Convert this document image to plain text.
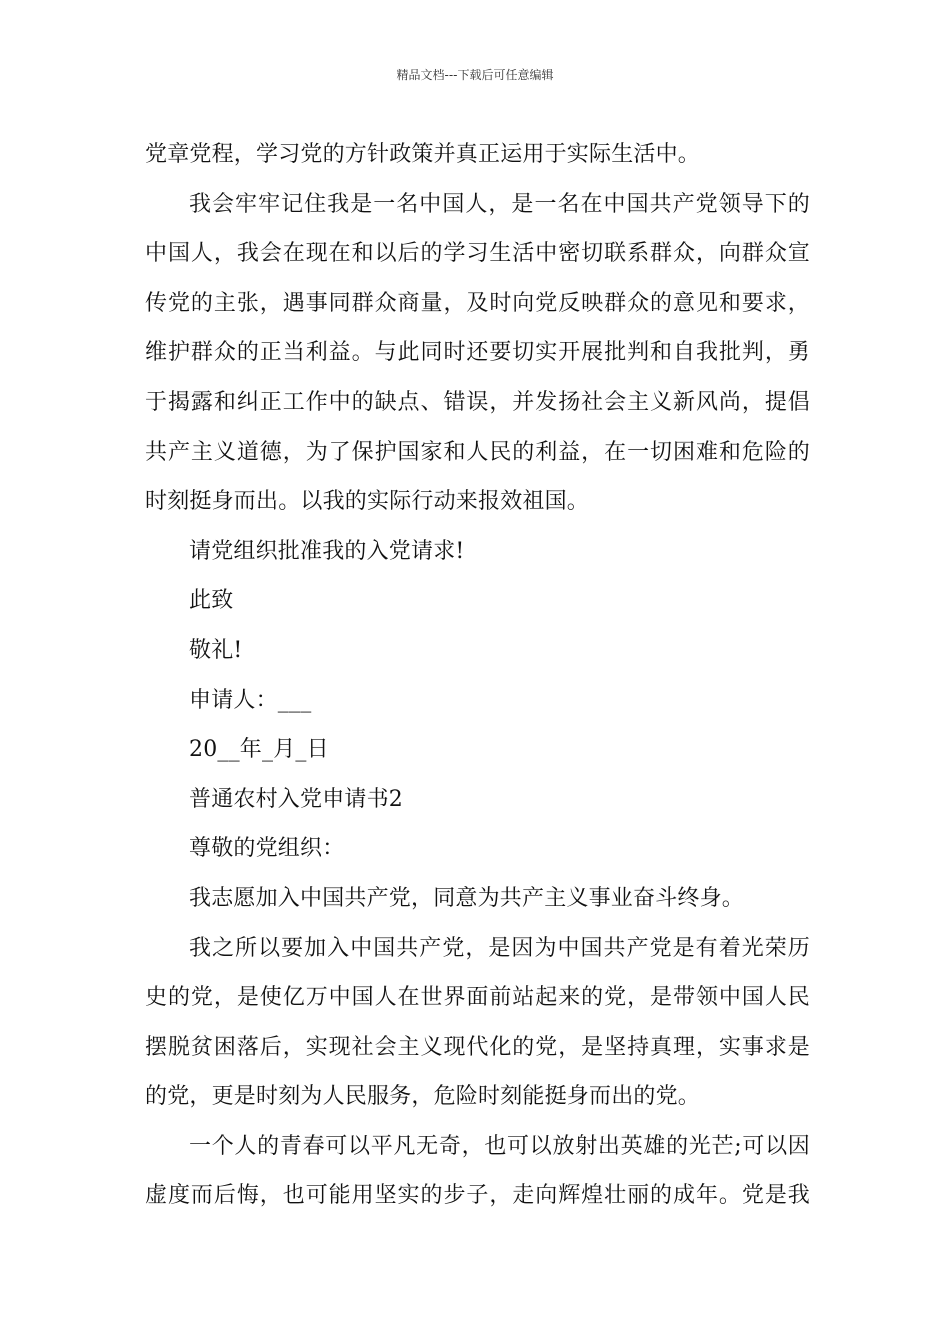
精品文档---下载后可任意编辑
党章党程，学习党的方针政策并真正运用于实际生活中。
我会牢牢记住我是一名中国人，是一名在中国共产党领导下的
中国人，我会在现在和以后的学习生活中密切联系群众，向群众宣
传党的主张，遇事同群众商量，及时向党反映群众的意见和要求，
维护群众的正当利益。与此同时还要切实开展批判和自我批判，勇
于揭露和纠正工作中的缺点、错误，并发扬社会主义新风尚，提倡
共产主义道德，为了保护国家和人民的利益，在一切困难和危险的
时刻挺身而出。以我的实际行动来报效祖国。
请党组织批准我的入党请求!
此致
敬礼!
申请人：___
20__年_月_日
普通农村入党申请书2
尊敬的党组织：
我志愿加入中国共产党，同意为共产主义事业奋斗终身。
我之所以要加入中国共产党，是因为中国共产党是有着光荣历
史的党，是使亿万中国人在世界面前站起来的党，是带领中国人民
摆脱贫困落后，实现社会主义现代化的党，是坚持真理，实事求是
的党，更是时刻为人民服务，危险时刻能挺身而出的党。
一个人的青春可以平凡无奇，也可以放射出英雄的光芒;可以因
虚度而后悔，也可能用坚实的步子，走向辉煌壮丽的成年。党是我
